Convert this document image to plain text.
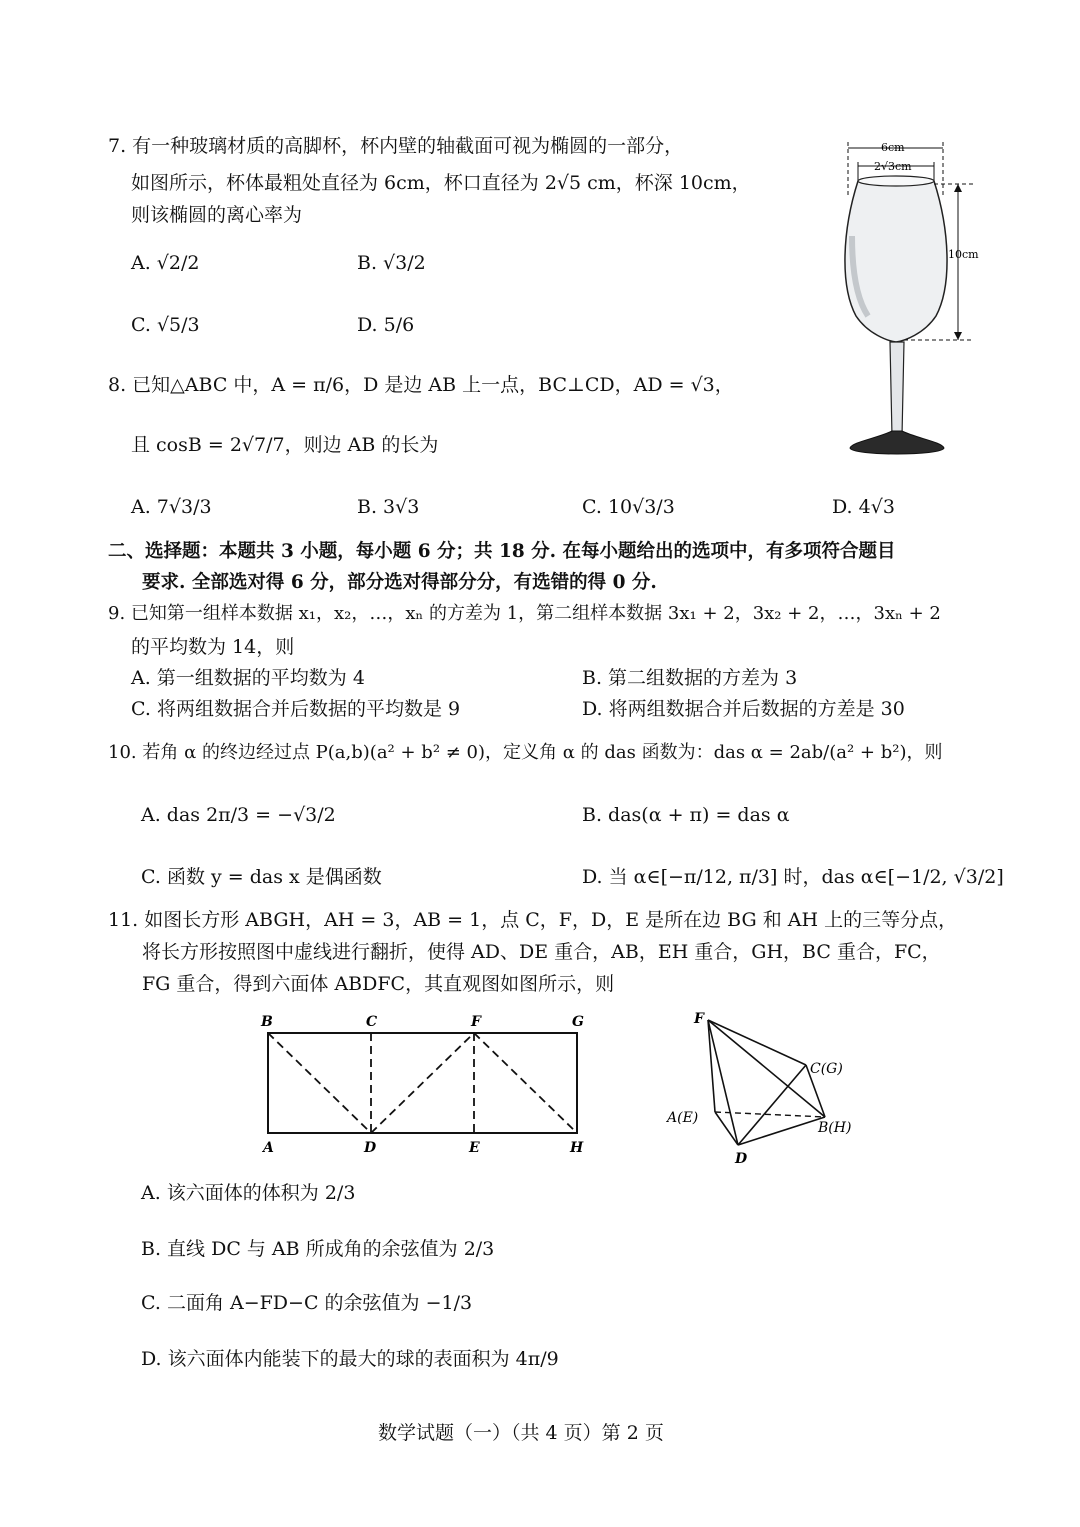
7. 有一种玻璃材质的高脚杯，杯内壁的轴截面可视为椭圆的一部分，
如图所示，杯体最粗处直径为 6cm，杯口直径为 2√5 cm，杯深 10cm，
则该椭圆的离心率为
A. √2/2	B. √3/2
C. √5/3	D. 5/6
6cm
2√3cm
10cm
8. 已知△ABC 中，A = π/6，D 是边 AB 上一点，BC⊥CD，AD = √3，
且 cosB = 2√7/7，则边 AB 的长为
A. 7√3/3	B. 3√3	C. 10√3/3	D. 4√3
二、选择题：本题共 3 小题，每小题 6 分；共 18 分. 在每小题给出的选项中，有多项符合题目
要求. 全部选对得 6 分，部分选对得部分分，有选错的得 0 分.
9. 已知第一组样本数据 x₁，x₂，…，xₙ 的方差为 1，第二组样本数据 3x₁ + 2，3x₂ + 2，…，3xₙ + 2
的平均数为 14，则
A. 第一组数据的平均数为 4	B. 第二组数据的方差为 3
C. 将两组数据合并后数据的平均数是 9	D. 将两组数据合并后数据的方差是 30
10. 若角 α 的终边经过点 P(a,b)(a² + b² ≠ 0)，定义角 α 的 das 函数为：das α = 2ab/(a² + b²)，则
A. das 2π/3 = −√3/2	B. das(α + π) = das α
C. 函数 y = das x 是偶函数	D. 当 α∈[−π/12, π/3] 时，das α∈[−1/2, √3/2]
11. 如图长方形 ABGH，AH = 3，AB = 1，点 C，F，D，E 是所在边 BG 和 AH 上的三等分点，
将长方形按照图中虚线进行翻折，使得 AD、DE 重合，AB，EH 重合，GH，BC 重合，FC，
FG 重合，得到六面体 ABDFC，其直观图如图所示，则
B	C	F	G
A	D	E	H
F
C(G)
A(E)
B(H)
D
A. 该六面体的体积为 2/3
B. 直线 DC 与 AB 所成角的余弦值为 2/3
C. 二面角 A−FD−C 的余弦值为 −1/3
D. 该六面体内能装下的最大的球的表面积为 4π/9
数学试题（一）（共 4 页）第 2 页
